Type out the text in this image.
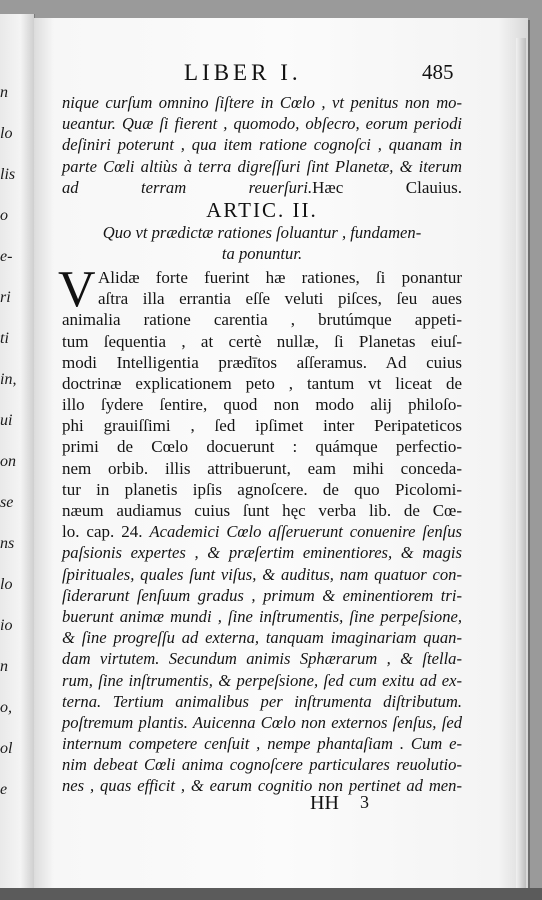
n
lo
lis
o
e-
ri
ti
in,
ui
on
se
ns
lo
io
n
o,
ol
e
LIBER I.	485
nique curſum omnino ſiſtere in Cœlo , vt penitus non mo-
ueantur. Quæ ſi fierent , quomodo, obſecro, eorum periodi
deſiniri poterunt , qua item ratione cognoſci , quanam in
parte Cœli altiùs à terra digreſſuri ſint Planetæ, & iterum
ad terram reuerſuri.Hæc Clauius.
ARTIC. II.
Quo vt prædictæ rationes ſoluantur , fundamen-
ta ponuntur.
V Alidæ forte fuerint hæ rationes, ſi ponantur
aſtra illa errantia eſſe veluti piſces, ſeu aues
animalia ratione carentia , brutúmque appeti-
tum ſequentia , at certè nullæ, ſi Planetas eiuſ-
modi Intelligentia prædītos aſſeramus. Ad cuius
doctrinæ explicationem peto , tantum vt liceat de
illo ſydere ſentire, quod non modo alij philoſo-
phi grauiſſimi , ſed ipſimet inter Peripateticos
primi de Cœlo docuerunt : quámque perfectio-
nem orbib. illis attribuerunt, eam mihi conceda-
tur in planetis ipſis agnoſcere. de quo Picolomi-
næum audiamus cuius ſunt hęc verba lib. de Cœ-
lo. cap. 24. Academici Cœlo aſſeruerunt conuenire ſenſus
paſsionis expertes , & præſertim eminentiores, & magis
ſpirituales, quales ſunt viſus, & auditus, nam quatuor con-
ſiderarunt ſenſuum gradus , primum & eminentiorem tri-
buerunt animæ mundi , ſine inſtrumentis, ſine perpeſsione,
& ſine progreſſu ad externa, tanquam imaginariam quan-
dam virtutem. Secundum animis Sphærarum , & ſtella-
rum, ſine inſtrumentis, & perpeſsione, ſed cum exitu ad ex-
terna. Tertium animalibus per inſtrumenta diſtributum.
poſtremum plantis. Auicenna Cœlo non externos ſenſus, ſed
internum competere cenſuit , nempe phantaſiam . Cum e-
nim debeat Cœli anima cognoſcere particulares reuolutio-
nes , quas efficit , & earum cognitio non pertinet ad men-
HH 3
